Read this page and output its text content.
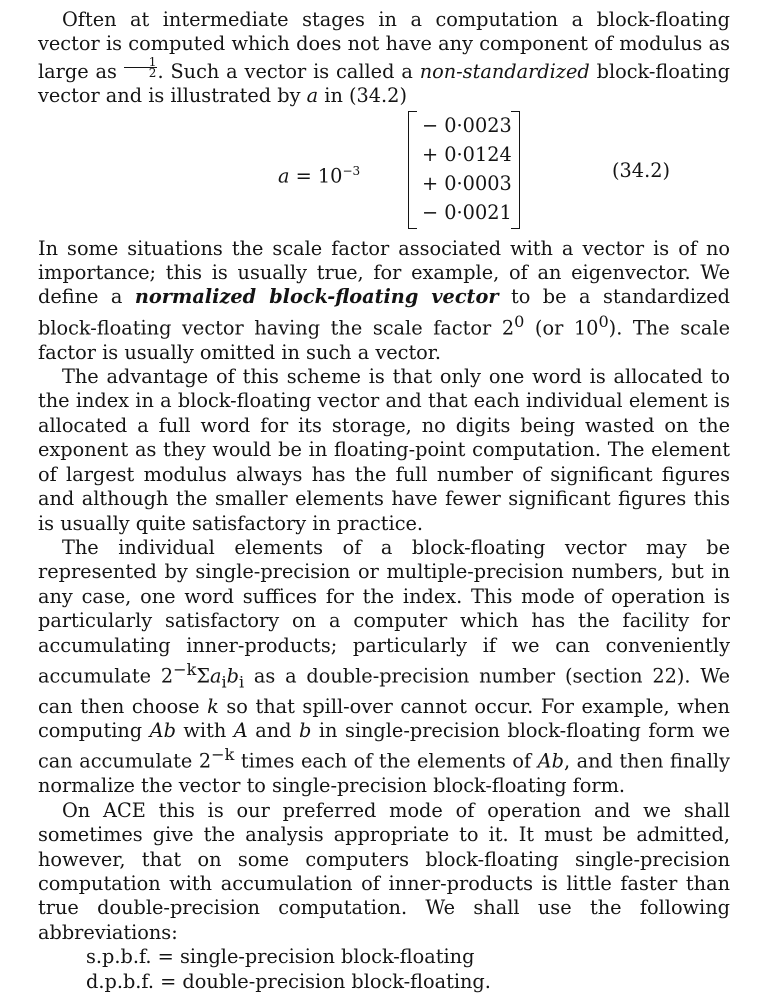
Often at intermediate stages in a computation a block-floating vector is computed which does not have any component of modulus as large as $\frac{1}{2}$ . Such a vector is called a non-standardized block-floating vector and is illustrated by a in (34.2)

$a = 10^{-3}$
− 0·0023
+ 0·0124
+ 0·0003
− 0·0021
(34.2)

In some situations the scale factor associated with a vector is of no importance; this is usually true, for example, of an eigenvector. We define a normalized block-floating vector to be a standardized block-floating vector having the scale factor $2^0$ (or $10^0$). The scale factor is usually omitted in such a vector.

The advantage of this scheme is that only one word is allocated to the index in a block-floating vector and that each individual element is allocated a full word for its storage, no digits being wasted on the exponent as they would be in floating-point computation. The element of largest modulus always has the full number of significant figures and although the smaller elements have fewer significant figures this is usually quite satisfactory in practice.

The individual elements of a block-floating vector may be represented by single-precision or multiple-precision numbers, but in any case, one word suffices for the index. This mode of operation is particularly satisfactory on a computer which has the facility for accumulating inner-products; particularly if we can conveniently accumulate $2^{-k}\Sigma a_ib_i$ as a double-precision number (section 22). We can then choose k so that spill-over cannot occur. For example, when computing Ab with A and b in single-precision block-floating form we can accumulate $2^{-k}$ times each of the elements of Ab, and then finally normalize the vector to single-precision block-floating form.

On ACE this is our preferred mode of operation and we shall sometimes give the analysis appropriate to it. It must be admitted, however, that on some computers block-floating single-precision computation with accumulation of inner-products is little faster than true double-precision computation. We shall use the following abbreviations:

s.p.b.f. = single-precision block-floating
d.p.b.f. = double-precision block-floating.
